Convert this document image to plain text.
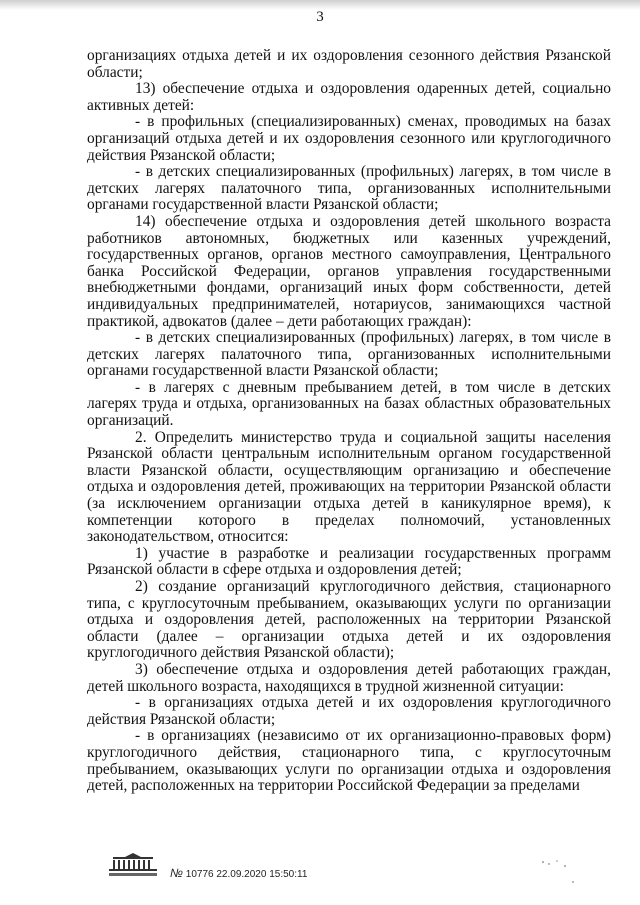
3

организациях отдыха детей и их оздоровления сезонного действия Рязанской области;

13) обеспечение отдыха и оздоровления одаренных детей, социально активных детей:

- в профильных (специализированных) сменах, проводимых на базах организаций отдыха детей и их оздоровления сезонного или круглогодичного действия Рязанской области;

- в детских специализированных (профильных) лагерях, в том числе в детских лагерях палаточного типа, организованных исполнительными органами государственной власти Рязанской области;

14) обеспечение отдыха и оздоровления детей школьного возраста работников автономных, бюджетных или казенных учреждений, государственных органов, органов местного самоуправления, Центрального банка Российской Федерации, органов управления государственными внебюджетными фондами, организаций иных форм собственности, детей индивидуальных предпринимателей, нотариусов, занимающихся частной практикой, адвокатов (далее – дети работающих граждан):

- в детских специализированных (профильных) лагерях, в том числе в детских лагерях палаточного типа, организованных исполнительными органами государственной власти Рязанской области;

- в лагерях с дневным пребыванием детей, в том числе в детских лагерях труда и отдыха, организованных на базах областных образовательных организаций.

2. Определить министерство труда и социальной защиты населения Рязанской области центральным исполнительным органом государственной власти Рязанской области, осуществляющим организацию и обеспечение отдыха и оздоровления детей, проживающих на территории Рязанской области (за исключением организации отдыха детей в каникулярное время), к компетенции которого в пределах полномочий, установленных законодательством, относится:

1) участие в разработке и реализации государственных программ Рязанской области в сфере отдыха и оздоровления детей;

2) создание организаций круглогодичного действия, стационарного типа, с круглосуточным пребыванием, оказывающих услуги по организации отдыха и оздоровления детей, расположенных на территории Рязанской области (далее – организации отдыха детей и их оздоровления круглогодичного действия Рязанской области);

3) обеспечение отдыха и оздоровления детей работающих граждан, детей школьного возраста, находящихся в трудной жизненной ситуации:

- в организациях отдыха детей и их оздоровления круглогодичного действия Рязанской области;

- в организациях (независимо от их организационно-правовых форм) круглогодичного действия, стационарного типа, с круглосуточным пребыванием, оказывающих услуги по организации отдыха и оздоровления детей, расположенных на территории Российской Федерации за пределами

№ 10776 22.09.2020 15:50:11
